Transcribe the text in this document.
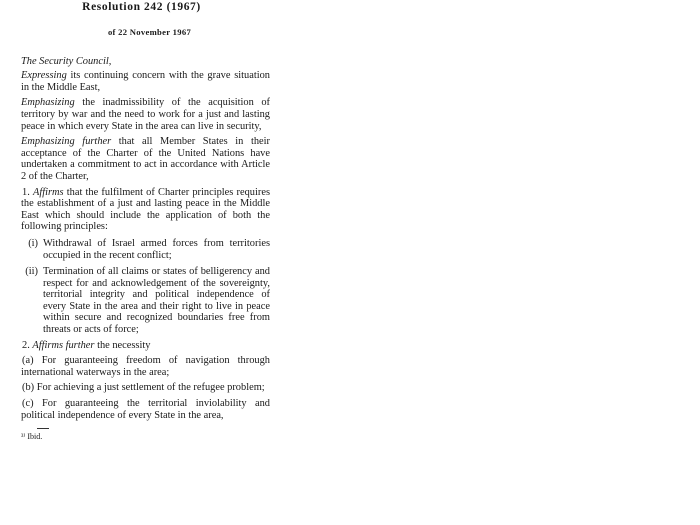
Resolution 242 (1967)
of 22 November 1967
The Security Council,

Expressing its continuing concern with the grave situation in the Middle East,

Emphasizing the inadmissibility of the acquisition of territory by war and the need to work for a just and lasting peace in which every State in the area can live in security,

Emphasizing further that all Member States in their acceptance of the Charter of the United Nations have undertaken a commitment to act in accordance with Article 2 of the Charter,

1. Affirms that the fulfilment of Charter principles requires the establishment of a just and lasting peace in the Middle East which should include the application of both the following principles:

(i) Withdrawal of Israel armed forces from territories occupied in the recent conflict;
(ii) Termination of all claims or states of belligerency and respect for and acknowledgement of the sovereignty, territorial integrity and political independence of every State in the area and their right to live in peace within secure and recognized boundaries free from threats or acts of force;

2. Affirms further the necessity

(a) For guaranteeing freedom of navigation through international waterways in the area;

(b) For achieving a just settlement of the refugee problem;

(c) For guaranteeing the territorial inviolability and political independence of every State in the area,

³⁾ Ibid.
